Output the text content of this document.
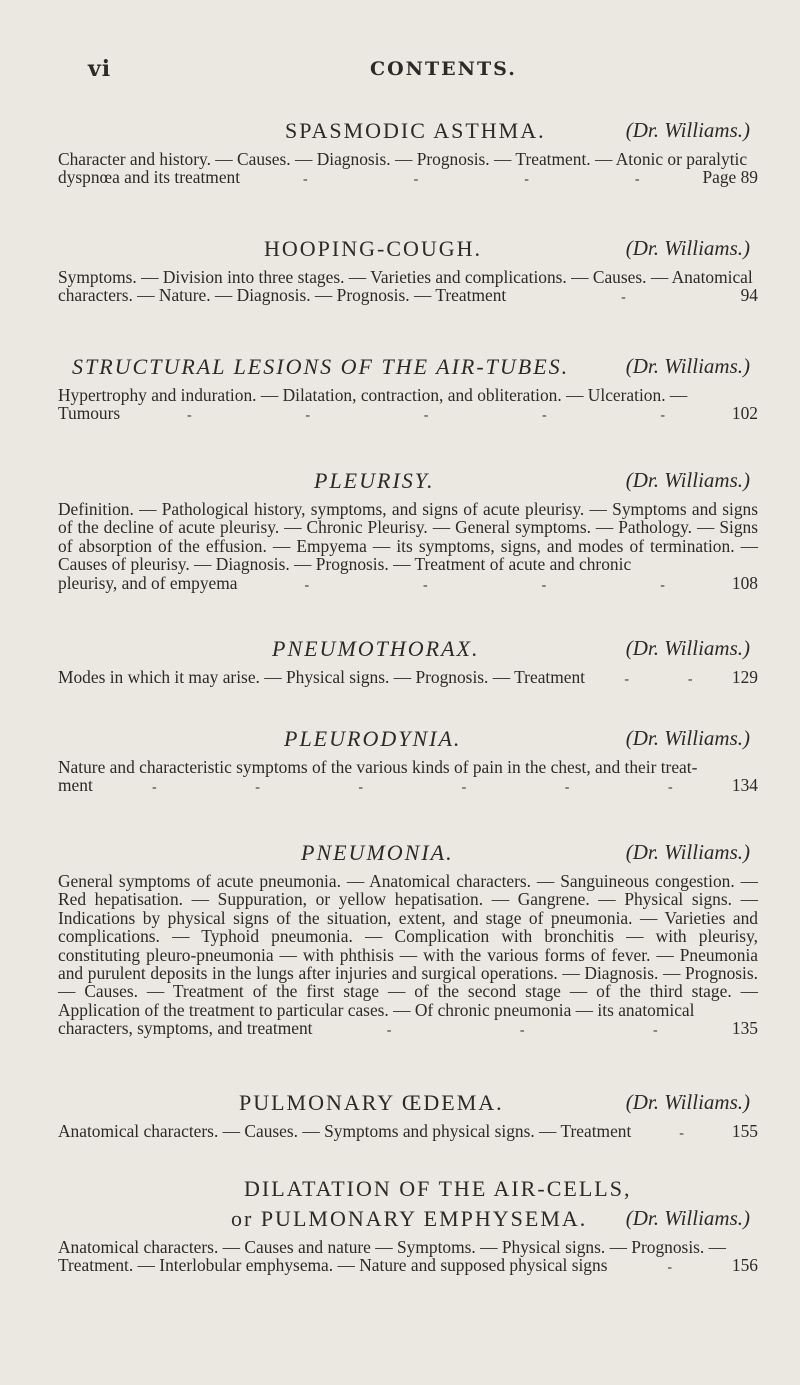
vi	CONTENTS.
SPASMODIC ASTHMA.	(Dr. Williams.)
Character and history. — Causes. — Diagnosis. — Prognosis. — Treatment. — Atonic or paralytic
dyspnœa and its treatment	-	-	-	-	Page 89
HOOPING-COUGH.	(Dr. Williams.)
Symptoms. — Division into three stages. — Varieties and complications. — Causes. — Anatomical
characters. — Nature. — Diagnosis. — Prognosis. — Treatment	-	94
STRUCTURAL LESIONS OF THE AIR-TUBES.	(Dr. Williams.)
Hypertrophy and induration. — Dilatation, contraction, and obliteration. — Ulceration. —
Tumours	-	-	-	-	-	102
PLEURISY.	(Dr. Williams.)
Definition. — Pathological history, symptoms, and signs of acute pleurisy. — Symptoms and signs of the decline of acute pleurisy. — Chronic Pleurisy. — General symptoms. — Pathology. — Signs of absorption of the effusion. — Empyema — its symptoms, signs, and modes of termination. — Causes of pleurisy. — Diagnosis. — Prognosis. — Treatment of acute and chronic
pleurisy, and of empyema	-	-	-	-	108
PNEUMOTHORAX.	(Dr. Williams.)
Modes in which it may arise. — Physical signs. — Prognosis. — Treatment	-	- 129
PLEURODYNIA.	(Dr. Williams.)
Nature and characteristic symptoms of the various kinds of pain in the chest, and their treat-
ment	-	-	-	-	-	-	134
PNEUMONIA.	(Dr. Williams.)
General symptoms of acute pneumonia. — Anatomical characters. — Sanguineous congestion. — Red hepatisation. — Suppuration, or yellow hepatisation. — Gangrene. — Physical signs. — Indications by physical signs of the situation, extent, and stage of pneumonia. — Varieties and complications. — Typhoid pneumonia. — Complication with bronchitis — with pleurisy, constituting pleuro-pneumonia — with phthisis — with the various forms of fever. — Pneumonia and purulent deposits in the lungs after injuries and surgical operations. — Diagnosis. — Prognosis. — Causes. — Treatment of the first stage — of the second stage — of the third stage. — Application of the treatment to particular cases. — Of chronic pneumonia — its anatomical
characters, symptoms, and treatment	-	-	-	135
PULMONARY ŒDEMA.	(Dr. Williams.)
Anatomical characters. — Causes. — Symptoms and physical signs. — Treatment	-	155
DILATATION OF THE AIR-CELLS,
or PULMONARY EMPHYSEMA. (Dr. Williams.)
Anatomical characters. — Causes and nature — Symptoms. — Physical signs. — Prognosis. —
Treatment. — Interlobular emphysema. — Nature and supposed physical signs	-	156
